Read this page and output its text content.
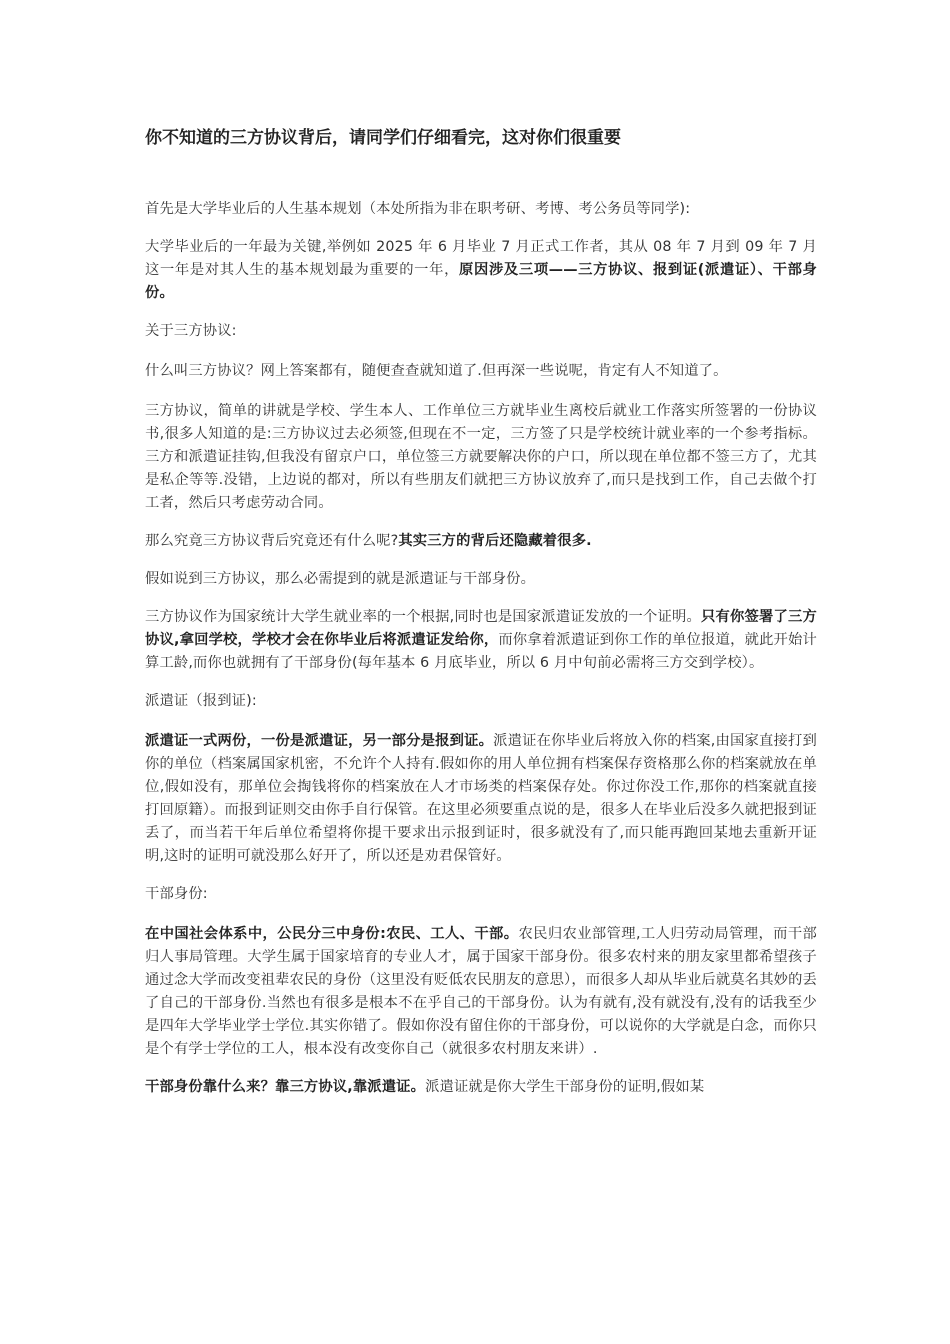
你不知道的三方协议背后，请同学们仔细看完，这对你们很重要

首先是大学毕业后的人生基本规划（本处所指为非在职考研、考博、考公务员等同学):

大学毕业后的一年最为关键,举例如 2025 年 6 月毕业 7 月正式工作者，其从 08 年 7 月到 09 年 7 月这一年是对其人生的基本规划最为重要的一年，原因涉及三项——三方协议、报到证(派遣证）、干部身份。

关于三方协议:

什么叫三方协议？网上答案都有，随便查查就知道了.但再深一些说呢，肯定有人不知道了。

三方协议，简单的讲就是学校、学生本人、工作单位三方就毕业生离校后就业工作落实所签署的一份协议书,很多人知道的是:三方协议过去必须签,但现在不一定，三方签了只是学校统计就业率的一个参考指标。三方和派遣证挂钩,但我没有留京户口，单位签三方就要解决你的户口，所以现在单位都不签三方了，尤其是私企等等.没错，上边说的都对，所以有些朋友们就把三方协议放弃了,而只是找到工作，自己去做个打工者，然后只考虑劳动合同。

那么究竟三方协议背后究竟还有什么呢?其实三方的背后还隐藏着很多.

假如说到三方协议，那么必需提到的就是派遣证与干部身份。

三方协议作为国家统计大学生就业率的一个根据,同时也是国家派遣证发放的一个证明。只有你签署了三方协议,拿回学校，学校才会在你毕业后将派遣证发给你，而你拿着派遣证到你工作的单位报道，就此开始计算工龄,而你也就拥有了干部身份(每年基本 6 月底毕业，所以 6 月中旬前必需将三方交到学校）。

派遣证（报到证):

派遣证一式两份，一份是派遣证，另一部分是报到证。派遣证在你毕业后将放入你的档案,由国家直接打到你的单位（档案属国家机密，不允许个人持有.假如你的用人单位拥有档案保存资格那么你的档案就放在单位,假如没有，那单位会掏钱将你的档案放在人才市场类的档案保存处。你过你没工作,那你的档案就直接打回原籍）。而报到证则交由你手自行保管。在这里必须要重点说的是，很多人在毕业后没多久就把报到证丢了，而当若干年后单位希望将你提干要求出示报到证时，很多就没有了,而只能再跑回某地去重新开证明,这时的证明可就没那么好开了，所以还是劝君保管好。

干部身份:

在中国社会体系中，公民分三中身份:农民、工人、干部。农民归农业部管理,工人归劳动局管理，而干部归人事局管理。大学生属于国家培育的专业人才，属于国家干部身份。很多农村来的朋友家里都希望孩子通过念大学而改变祖辈农民的身份（这里没有贬低农民朋友的意思），而很多人却从毕业后就莫名其妙的丢了自己的干部身份.当然也有很多是根本不在乎自己的干部身份。认为有就有,没有就没有,没有的话我至少是四年大学毕业学士学位.其实你错了。假如你没有留住你的干部身份，可以说你的大学就是白念，而你只是个有学士学位的工人，根本没有改变你自己（就很多农村朋友来讲）.

干部身份靠什么来？靠三方协议,靠派遣证。派遣证就是你大学生干部身份的证明,假如某
